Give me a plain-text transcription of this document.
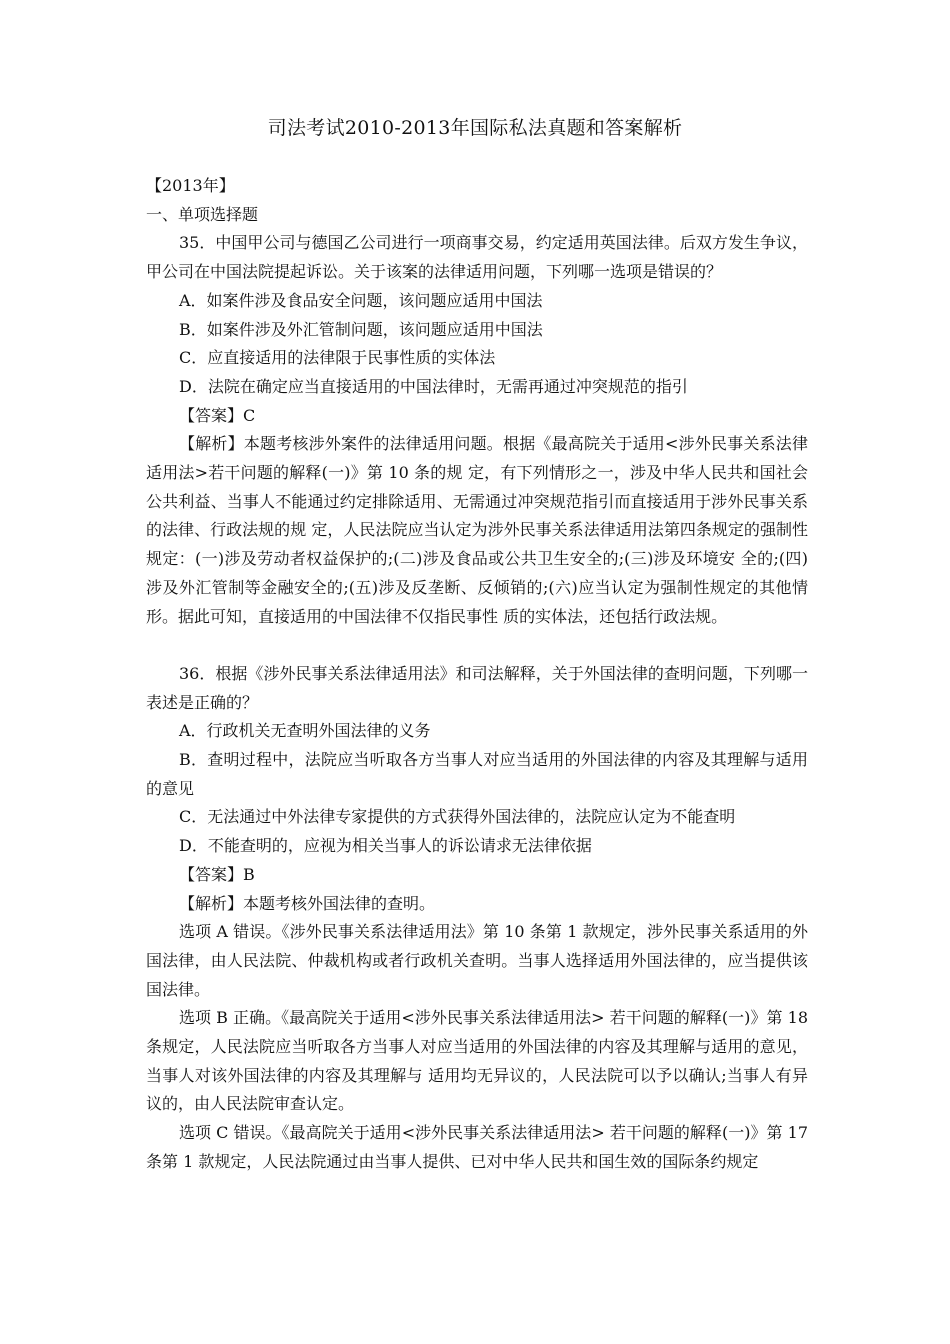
司法考试2010-2013年国际私法真题和答案解析

【2013年】

一、单项选择题

35．中国甲公司与德国乙公司进行一项商事交易，约定适用英国法律。后双方发生争议，甲公司在中国法院提起诉讼。关于该案的法律适用问题，下列哪一选项是错误的？

A．如案件涉及食品安全问题，该问题应适用中国法

B．如案件涉及外汇管制问题，该问题应适用中国法

C．应直接适用的法律限于民事性质的实体法

D．法院在确定应当直接适用的中国法律时，无需再通过冲突规范的指引

【答案】C

【解析】本题考核涉外案件的法律适用问题。根据《最高院关于适用<涉外民事关系法律适用法>若干问题的解释(一)》第 10 条的规 定，有下列情形之一，涉及中华人民共和国社会公共利益、当事人不能通过约定排除适用、无需通过冲突规范指引而直接适用于涉外民事关系的法律、行政法规的规 定，人民法院应当认定为涉外民事关系法律适用法第四条规定的强制性规定：(一)涉及劳动者权益保护的;(二)涉及食品或公共卫生安全的;(三)涉及环境安 全的;(四)涉及外汇管制等金融安全的;(五)涉及反垄断、反倾销的;(六)应当认定为强制性规定的其他情形。据此可知，直接适用的中国法律不仅指民事性 质的实体法，还包括行政法规。

36．根据《涉外民事关系法律适用法》和司法解释，关于外国法律的查明问题，下列哪一表述是正确的？

A．行政机关无查明外国法律的义务

B．查明过程中，法院应当听取各方当事人对应当适用的外国法律的内容及其理解与适用的意见

C．无法通过中外法律专家提供的方式获得外国法律的，法院应认定为不能查明

D．不能查明的，应视为相关当事人的诉讼请求无法律依据

【答案】B

【解析】本题考核外国法律的查明。

选项 A 错误。《涉外民事关系法律适用法》第 10 条第 1 款规定，涉外民事关系适用的外国法律，由人民法院、仲裁机构或者行政机关查明。当事人选择适用外国法律的，应当提供该国法律。

选项 B 正确。《最高院关于适用<涉外民事关系法律适用法> 若干问题的解释(一)》第 18 条规定，人民法院应当听取各方当事人对应当适用的外国法律的内容及其理解与适用的意见，当事人对该外国法律的内容及其理解与 适用均无异议的，人民法院可以予以确认;当事人有异议的，由人民法院审查认定。

选项 C 错误。《最高院关于适用<涉外民事关系法律适用法> 若干问题的解释(一)》第 17 条第 1 款规定，人民法院通过由当事人提供、已对中华人民共和国生效的国际条约规定
